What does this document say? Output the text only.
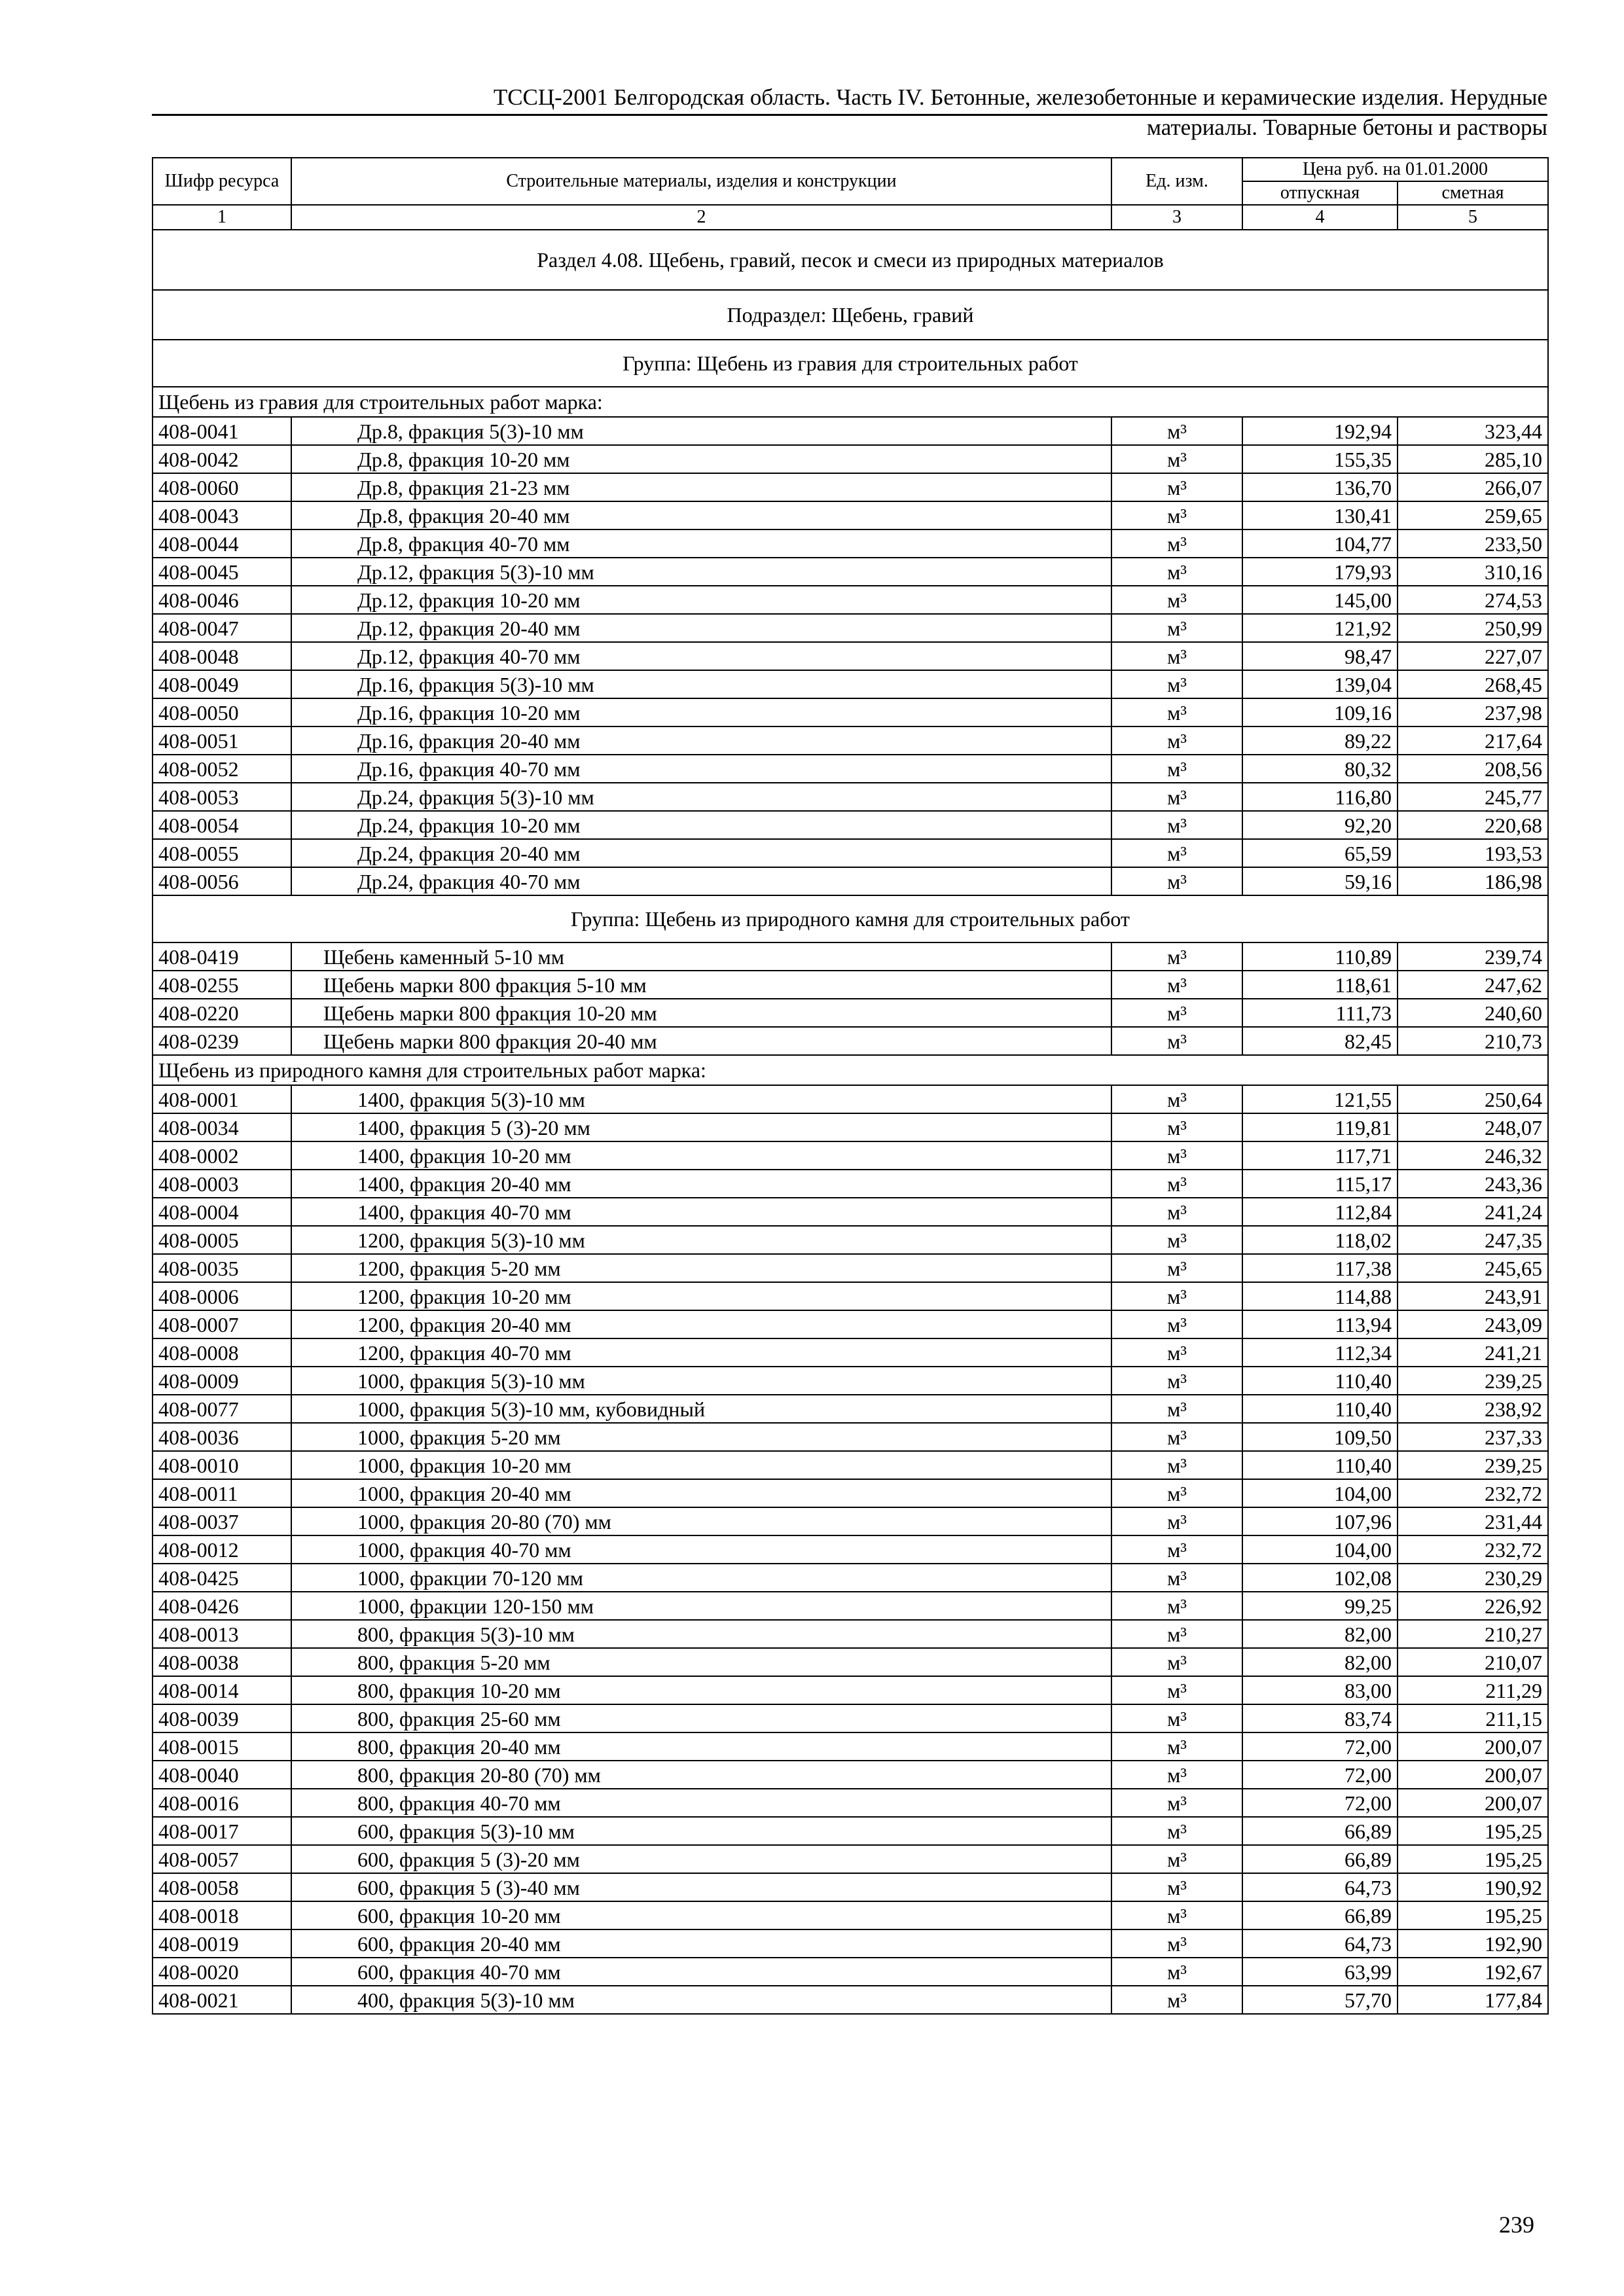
ТССЦ-2001 Белгородская область. Часть IV. Бетонные, железобетонные и керамические изделия. Нерудные
материалы. Товарные бетоны и растворы
Шифр ресурса	Строительные материалы, изделия и конструкции	Ед. изм.	Цена руб. на 01.01.2000	
			отпускная	сметная
1	2	3	4	5
Раздел 4.08. Щебень, гравий, песок и смеси из природных материалов				
Подраздел: Щебень, гравий				
Группа: Щебень из гравия для строительных работ				
Щебень из гравия для строительных работ марка:				
408-0041	Др.8, фракция 5(3)-10 мм	м³	192,94	323,44
408-0042	Др.8, фракция 10-20 мм	м³	155,35	285,10
408-0060	Др.8, фракция 21-23 мм	м³	136,70	266,07
408-0043	Др.8, фракция 20-40 мм	м³	130,41	259,65
408-0044	Др.8, фракция 40-70 мм	м³	104,77	233,50
408-0045	Др.12, фракция 5(3)-10 мм	м³	179,93	310,16
408-0046	Др.12, фракция 10-20 мм	м³	145,00	274,53
408-0047	Др.12, фракция 20-40 мм	м³	121,92	250,99
408-0048	Др.12, фракция 40-70 мм	м³	98,47	227,07
408-0049	Др.16, фракция 5(3)-10 мм	м³	139,04	268,45
408-0050	Др.16, фракция 10-20 мм	м³	109,16	237,98
408-0051	Др.16, фракция 20-40 мм	м³	89,22	217,64
408-0052	Др.16, фракция 40-70 мм	м³	80,32	208,56
408-0053	Др.24, фракция 5(3)-10 мм	м³	116,80	245,77
408-0054	Др.24, фракция 10-20 мм	м³	92,20	220,68
408-0055	Др.24, фракция 20-40 мм	м³	65,59	193,53
408-0056	Др.24, фракция 40-70 мм	м³	59,16	186,98
Группа: Щебень из природного камня для строительных работ				
408-0419	Щебень каменный 5-10 мм	м³	110,89	239,74
408-0255	Щебень марки 800 фракция 5-10 мм	м³	118,61	247,62
408-0220	Щебень марки 800 фракция 10-20 мм	м³	111,73	240,60
408-0239	Щебень марки 800 фракция 20-40 мм	м³	82,45	210,73
Щебень из природного камня для строительных работ марка:				
408-0001	1400, фракция 5(3)-10 мм	м³	121,55	250,64
408-0034	1400, фракция 5 (3)-20 мм	м³	119,81	248,07
408-0002	1400, фракция 10-20 мм	м³	117,71	246,32
408-0003	1400, фракция 20-40 мм	м³	115,17	243,36
408-0004	1400, фракция 40-70 мм	м³	112,84	241,24
408-0005	1200, фракция 5(3)-10 мм	м³	118,02	247,35
408-0035	1200, фракция 5-20 мм	м³	117,38	245,65
408-0006	1200, фракция 10-20 мм	м³	114,88	243,91
408-0007	1200, фракция 20-40 мм	м³	113,94	243,09
408-0008	1200, фракция 40-70 мм	м³	112,34	241,21
408-0009	1000, фракция 5(3)-10 мм	м³	110,40	239,25
408-0077	1000, фракция 5(3)-10 мм, кубовидный	м³	110,40	238,92
408-0036	1000, фракция 5-20 мм	м³	109,50	237,33
408-0010	1000, фракция 10-20 мм	м³	110,40	239,25
408-0011	1000, фракция 20-40 мм	м³	104,00	232,72
408-0037	1000, фракция 20-80 (70) мм	м³	107,96	231,44
408-0012	1000, фракция 40-70 мм	м³	104,00	232,72
408-0425	1000, фракции 70-120 мм	м³	102,08	230,29
408-0426	1000, фракции 120-150 мм	м³	99,25	226,92
408-0013	800, фракция 5(3)-10 мм	м³	82,00	210,27
408-0038	800, фракция 5-20 мм	м³	82,00	210,07
408-0014	800, фракция 10-20 мм	м³	83,00	211,29
408-0039	800, фракция 25-60 мм	м³	83,74	211,15
408-0015	800, фракция 20-40 мм	м³	72,00	200,07
408-0040	800, фракция 20-80 (70) мм	м³	72,00	200,07
408-0016	800, фракция 40-70 мм	м³	72,00	200,07
408-0017	600, фракция 5(3)-10 мм	м³	66,89	195,25
408-0057	600, фракция 5 (3)-20 мм	м³	66,89	195,25
408-0058	600, фракция 5 (3)-40 мм	м³	64,73	190,92
408-0018	600, фракция 10-20 мм	м³	66,89	195,25
408-0019	600, фракция 20-40 мм	м³	64,73	192,90
408-0020	600, фракция 40-70 мм	м³	63,99	192,67
408-0021	400, фракция 5(3)-10 мм	м³	57,70	177,84
239
